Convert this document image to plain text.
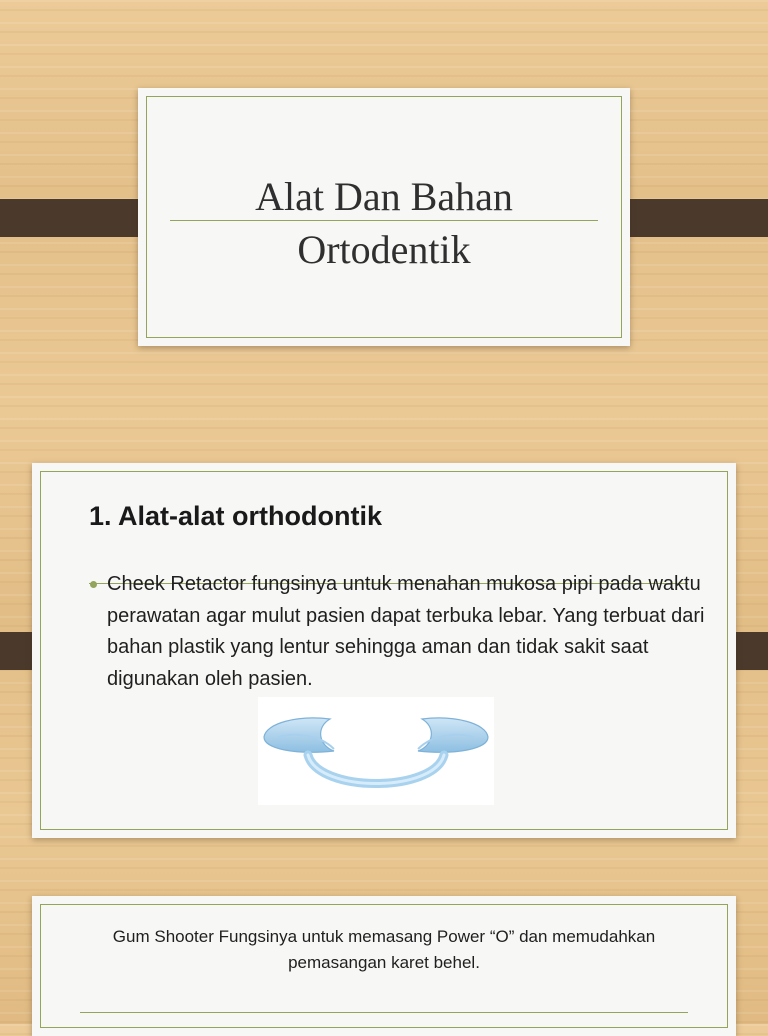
Alat Dan Bahan
Ortodentik
1. Alat-alat orthodontik
Cheek Retactor fungsinya untuk menahan mukosa pipi pada waktu perawatan agar mulut pasien dapat terbuka lebar. Yang terbuat dari bahan plastik yang lentur sehingga aman dan tidak sakit saat digunakan oleh pasien.
Gum Shooter Fungsinya untuk memasang Power “O” dan memudahkan pemasangan karet behel.
